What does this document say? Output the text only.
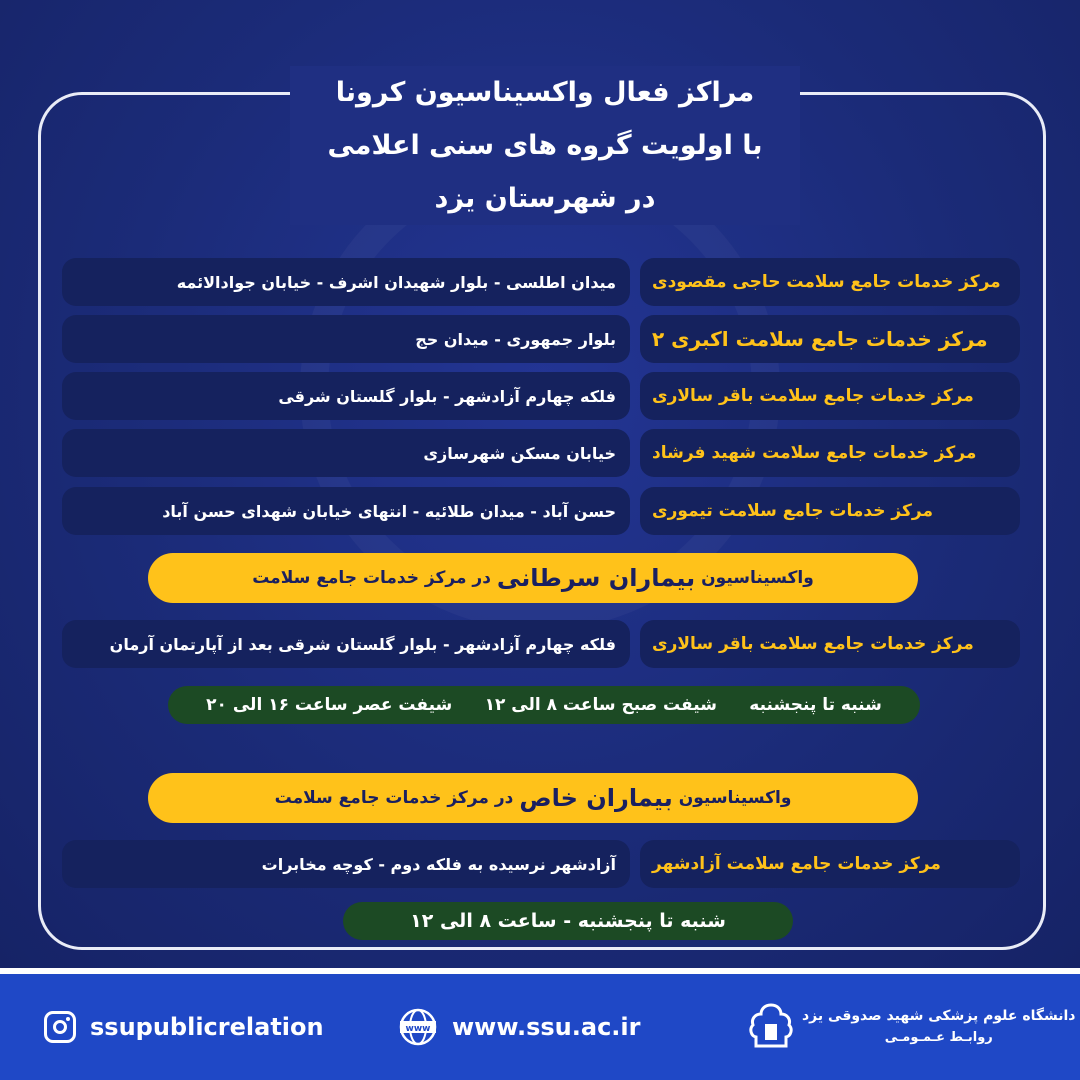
مراکز فعال واکسیناسیون کرونا
با اولویت گروه های سنی اعلامی
در شهرستان یزد
مرکز خدمات جامع سلامت حاجی مقصودی
میدان اطلسی - بلوار شهیدان اشرف - خیابان جوادالائمه
مرکز خدمات جامع سلامت اکبری ۲
بلوار جمهوری - میدان حج
مرکز خدمات جامع سلامت باقر سالاری
فلکه چهارم آزادشهر - بلوار گلستان شرقی
مرکز خدمات جامع سلامت شهید فرشاد
خیابان مسکن شهرسازی
مرکز خدمات جامع سلامت تیموری
حسن آباد - میدان طلائیه - انتهای خیابان شهدای حسن آباد
واکسیناسیون
بیماران سرطانی
در مرکز خدمات جامع سلامت
مرکز خدمات جامع سلامت باقر سالاری
فلکه چهارم آزادشهر - بلوار گلستان شرقی بعد از آپارتمان آرمان
شنبه تا پنجشنبه
شیفت صبح ساعت ۸ الی ۱۲
شیفت عصر ساعت ۱۶ الی ۲۰
واکسیناسیون
بیماران خاص
در مرکز خدمات جامع سلامت
مرکز خدمات جامع سلامت آزادشهر
آزادشهر نرسیده به فلکه دوم - کوچه مخابرات
شنبه تا پنجشنبه - ساعت ۸ الی ۱۲
ssupublicrelation	www www.ssu.ac.ir	دانشگاه علوم پزشکی شهید صدوقی یزد
روابـط عـمـومـی
